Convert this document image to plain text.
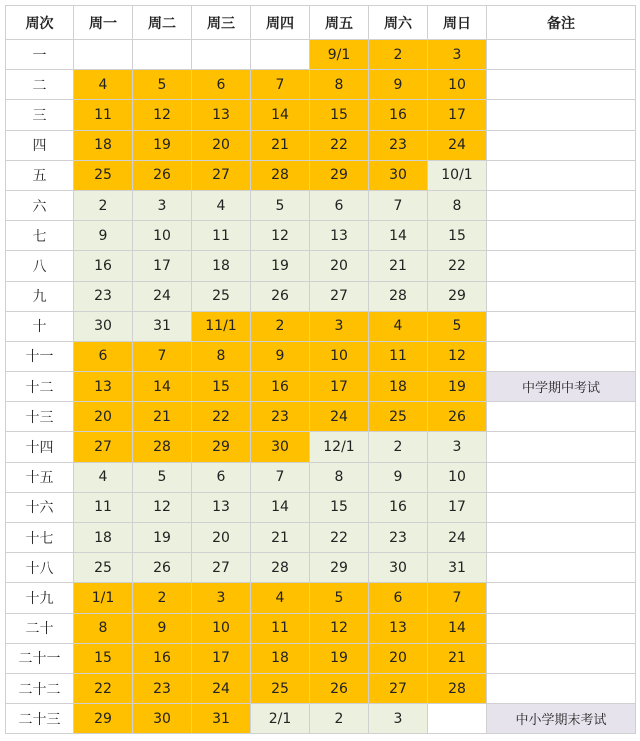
周次	周一	周二	周三	周四	周五	周六	周日	备注
一					9/1	2	3	
二	4	5	6	7	8	9	10	
三	11	12	13	14	15	16	17	
四	18	19	20	21	22	23	24	
五	25	26	27	28	29	30	10/1	
六	2	3	4	5	6	7	8	
七	9	10	11	12	13	14	15	
八	16	17	18	19	20	21	22	
九	23	24	25	26	27	28	29	
十	30	31	11/1	2	3	4	5	
十一	6	7	8	9	10	11	12	
十二	13	14	15	16	17	18	19	中学期中考试
十三	20	21	22	23	24	25	26	
十四	27	28	29	30	12/1	2	3	
十五	4	5	6	7	8	9	10	
十六	11	12	13	14	15	16	17	
十七	18	19	20	21	22	23	24	
十八	25	26	27	28	29	30	31	
十九	1/1	2	3	4	5	6	7	
二十	8	9	10	11	12	13	14	
二十一	15	16	17	18	19	20	21	
二十二	22	23	24	25	26	27	28	
二十三	29	30	31	2/1	2	3		中小学期末考试
